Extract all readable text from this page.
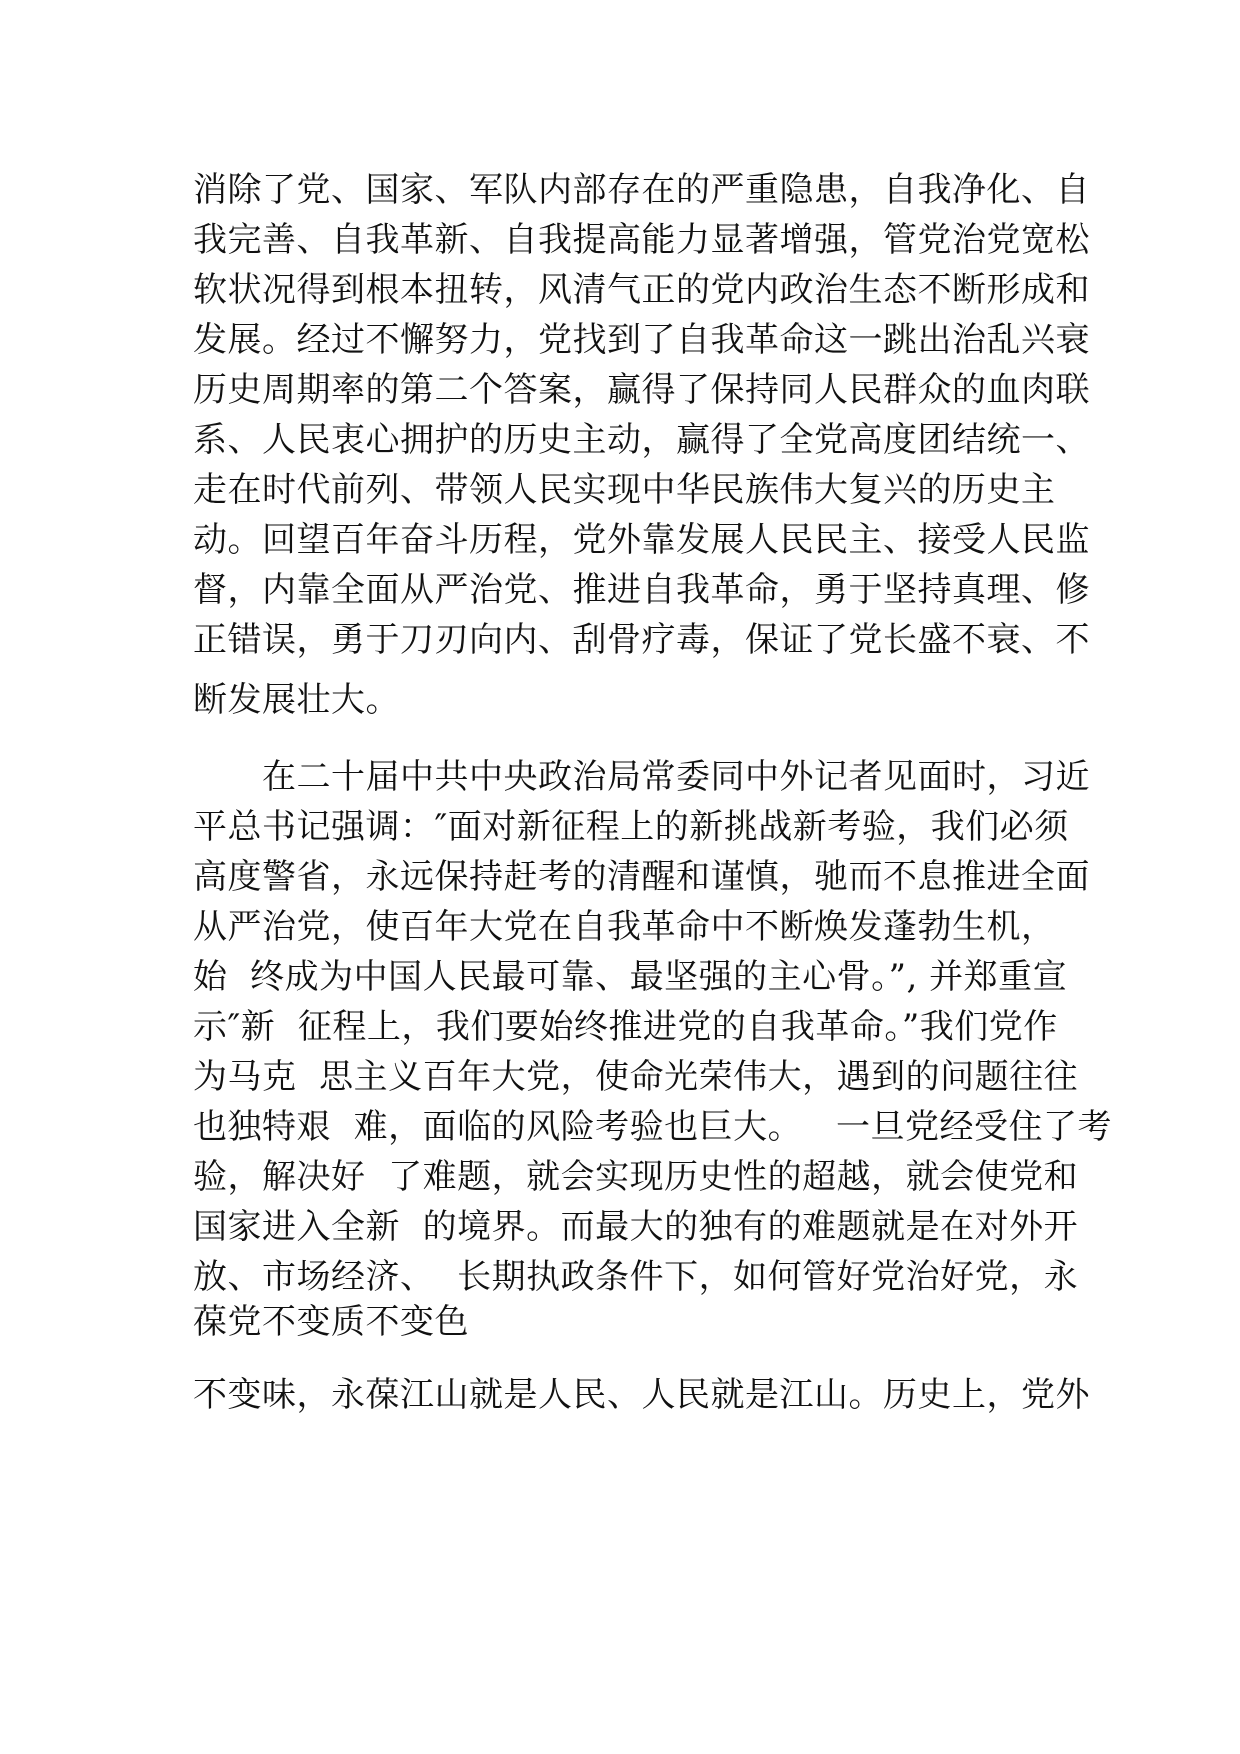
消除了党、国家、军队内部存在的严重隐患，自我净化、自
我完善、自我革新、自我提高能力显著增强，管党治党宽松
软状况得到根本扭转，风清气正的党内政治生态不断形成和
发展。经过不懈努力，党找到了自我革命这一跳出治乱兴衰
历史周期率的第二个答案，赢得了保持同人民群众的血肉联
系、人民衷心拥护的历史主动，赢得了全党高度团结统一、
走在时代前列、带领人民实现中华民族伟大复兴的历史主
动。回望百年奋斗历程，党外靠发展人民民主、接受人民监
督，内靠全面从严治党、推进自我革命，勇于坚持真理、修
正错误，勇于刀刃向内、刮骨疗毒，保证了党长盛不衰、不
断发展壮大。
　　在二十届中共中央政治局常委同中外记者见面时，习近
平总书记强调：″面对新征程上的新挑战新考验，我们必须
高度警省，永远保持赶考的清醒和谨慎，驰而不息推进全面
从严治党，使百年大党在自我革命中不断焕发蓬勃生机，
始  终成为中国人民最可靠、最坚强的主心骨。”, 并郑重宣
示″新  征程上，我们要始终推进党的自我革命。”我们党作
为马克  思主义百年大党，使命光荣伟大，遇到的问题往往
也独特艰  难，面临的风险考验也巨大。   一旦党经受住了考
验，解决好  了难题，就会实现历史性的超越，就会使党和
国家进入全新  的境界。而最大的独有的难题就是在对外开
放、市场经济、  长期执政条件下，如何管好党治好党，永
葆党不变质不变色
不变味，永葆江山就是人民、人民就是江山。历史上，党外
